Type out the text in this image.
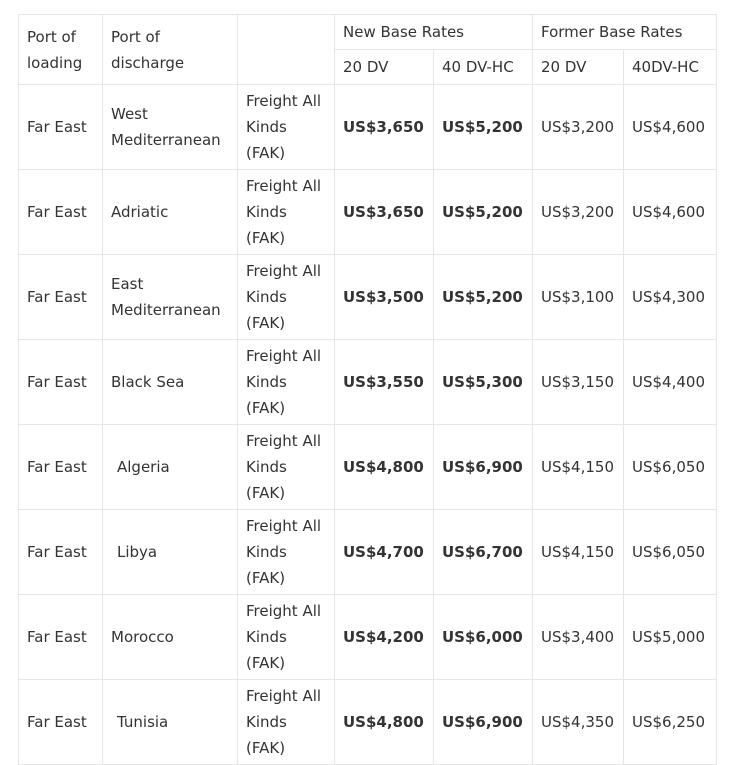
Port of loading	Port of discharge		New Base Rates		Former Base Rates	
			20 DV	40 DV-HC	20 DV	40DV-HC
Far East	West Mediterranean	Freight All Kinds (FAK)	US$3,650	US$5,200	US$3,200	US$4,600
Far East	Adriatic	Freight All Kinds (FAK)	US$3,650	US$5,200	US$3,200	US$4,600
Far East	East Mediterranean	Freight All Kinds (FAK)	US$3,500	US$5,200	US$3,100	US$4,300
Far East	Black Sea	Freight All Kinds (FAK)	US$3,550	US$5,300	US$3,150	US$4,400
Far East	Algeria	Freight All Kinds (FAK)	US$4,800	US$6,900	US$4,150	US$6,050
Far East	Libya	Freight All Kinds (FAK)	US$4,700	US$6,700	US$4,150	US$6,050
Far East	Morocco	Freight All Kinds (FAK)	US$4,200	US$6,000	US$3,400	US$5,000
Far East	Tunisia	Freight All Kinds (FAK)	US$4,800	US$6,900	US$4,350	US$6,250
